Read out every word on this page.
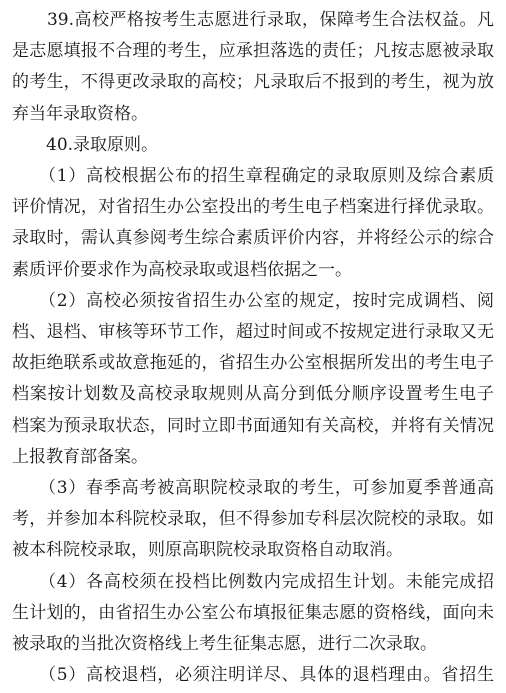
　　39.高校严格按考生志愿进行录取，保障考生合法权益。凡
是志愿填报不合理的考生，应承担落选的责任；凡按志愿被录取
的考生，不得更改录取的高校；凡录取后不报到的考生，视为放
弃当年录取资格。
　　40.录取原则。
　　（1）高校根据公布的招生章程确定的录取原则及综合素质
评价情况，对省招生办公室投出的考生电子档案进行择优录取。
录取时，需认真参阅考生综合素质评价内容，并将经公示的综合
素质评价要求作为高校录取或退档依据之一。
　　（2）高校必须按省招生办公室的规定，按时完成调档、阅
档、退档、审核等环节工作，超过时间或不按规定进行录取又无
故拒绝联系或故意拖延的，省招生办公室根据所发出的考生电子
档案按计划数及高校录取规则从高分到低分顺序设置考生电子
档案为预录取状态，同时立即书面通知有关高校，并将有关情况
上报教育部备案。
　　（3）春季高考被高职院校录取的考生，可参加夏季普通高
考，并参加本科院校录取，但不得参加专科层次院校的录取。如
被本科院校录取，则原高职院校录取资格自动取消。
　　（4）各高校须在投档比例数内完成招生计划。未能完成招
生计划的，由省招生办公室公布填报征集志愿的资格线，面向未
被录取的当批次资格线上考生征集志愿，进行二次录取。
　　（5）高校退档，必须注明详尽、具体的退档理由。省招生
